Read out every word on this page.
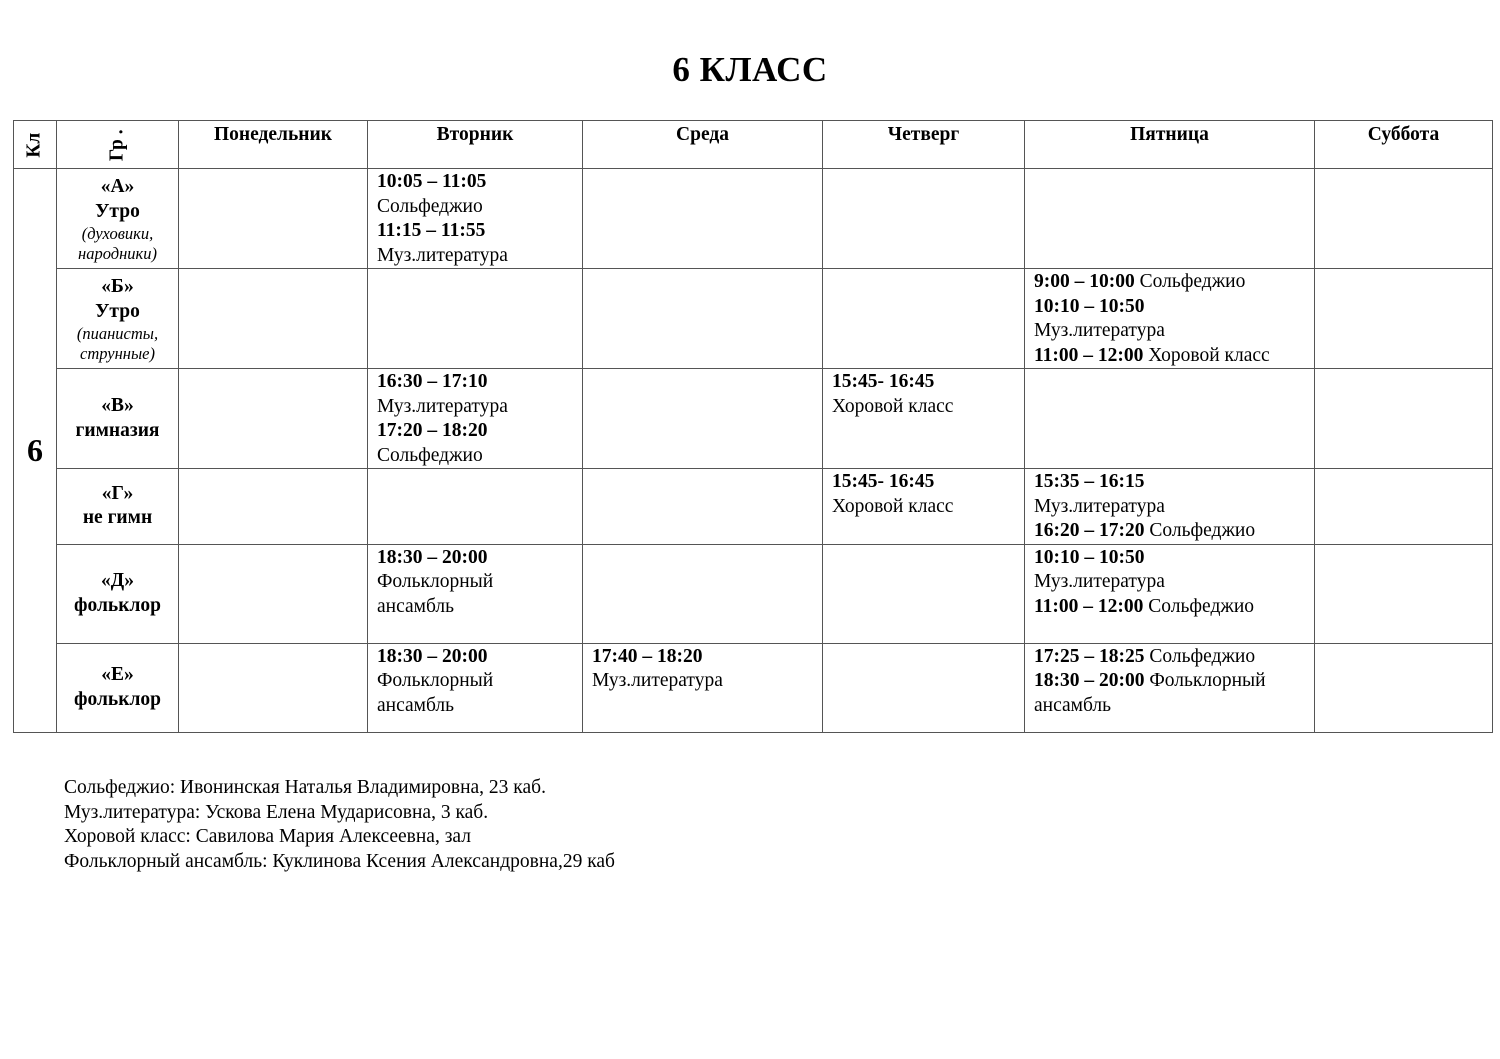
6 КЛАСС
Кл	Гр .	Понедельник	Вторник	Среда	Четверг	Пятница	Суббота
6	«А»
Утро
(духовики, народники)		10:05 – 11:05
Сольфеджио
11:15 – 11:55
Муз.литература				

	«Б»
Утро
(пианисты, струнные)					9:00 – 10:00 Сольфеджио
10:10 – 10:50
Муз.литература
11:00 – 12:00 Хоровой класс	

	«В»
гимназия		16:30 – 17:10
Муз.литература
17:20 – 18:20
Сольфеджио		15:45- 16:45
Хоровой класс		

	«Г»
не гимн				15:45- 16:45
Хоровой класс	15:35 – 16:15
Муз.литература
16:20 – 17:20 Сольфеджио	

	«Д»
фольклор		18:30 – 20:00
Фольклорный ансамбль			10:10 – 10:50
Муз.литература
11:00 – 12:00 Сольфеджио	

	«Е»
фольклор		18:30 – 20:00
Фольклорный ансамбль	17:40 – 18:20
Муз.литература		17:25 – 18:25 Сольфеджио
18:30 – 20:00 Фольклорный ансамбль	

Сольфеджио: Ивонинская Наталья Владимировна, 23 каб.
Муз.литература: Ускова Елена Мударисовна, 3 каб.
Хоровой класс: Савилова Мария Алексеевна, зал
Фольклорный ансамбль: Куклинова Ксения Александровна,29 каб
